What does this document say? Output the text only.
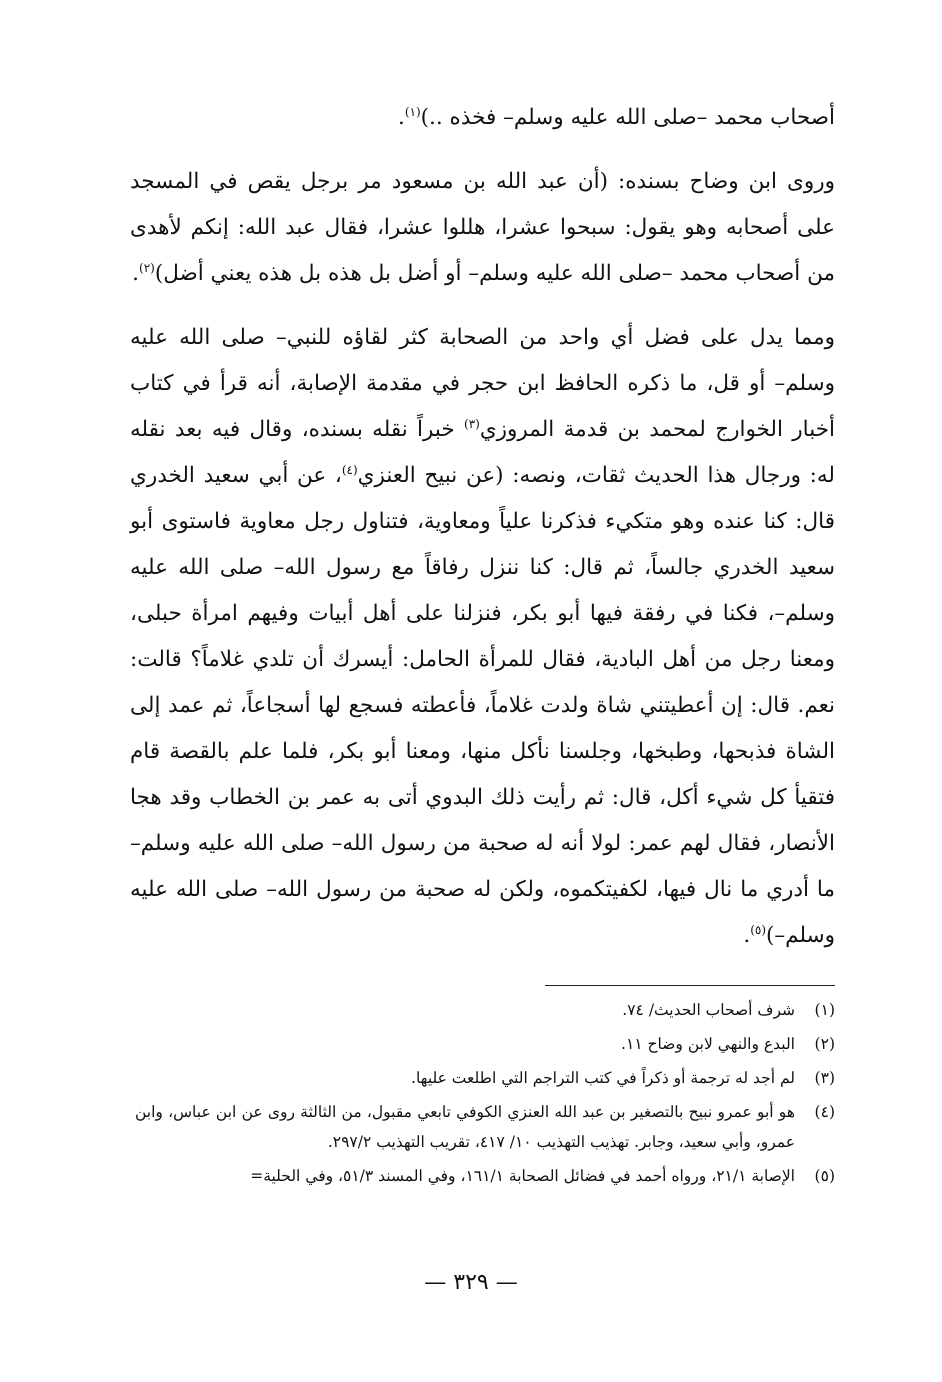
أصحاب محمد –صلى الله عليه وسلم– فخذه ..)$^{(١)}$.

وروى ابن وضاح بسنده: (أن عبد الله بن مسعود مر برجل يقص في المسجد على أصحابه وهو يقول: سبحوا عشرا، هللوا عشرا، فقال عبد الله: إنكم لأهدى من أصحاب محمد –صلى الله عليه وسلم– أو أضل بل هذه بل هذه يعني أضل)$^{(٢)}$.

ومما يدل على فضل أي واحد من الصحابة كثر لقاؤه للنبي– صلى الله عليه وسلم– أو قل، ما ذكره الحافظ ابن حجر في مقدمة الإصابة، أنه قرأ في كتاب أخبار الخوارج لمحمد بن قدمة المروزي$^{(٣)}$ خبراً نقله بسنده، وقال فيه بعد نقله له: ورجال هذا الحديث ثقات، ونصه: (عن نبيح العنزي$^{(٤)}$، عن أبي سعيد الخدري قال: كنا عنده وهو متكيء فذكرنا علياً ومعاوية، فتناول رجل معاوية فاستوى أبو سعيد الخدري جالساً، ثم قال: كنا ننزل رفاقاً مع رسول الله– صلى الله عليه وسلم–، فكنا في رفقة فيها أبو بكر، فنزلنا على أهل أبيات وفيهم امرأة حبلى، ومعنا رجل من أهل البادية، فقال للمرأة الحامل: أيسرك أن تلدي غلاماً؟ قالت: نعم. قال: إن أعطيتني شاة ولدت غلاماً، فأعطته فسجع لها أسجاعاً، ثم عمد إلى الشاة فذبحها، وطبخها، وجلسنا نأكل منها، ومعنا أبو بكر، فلما علم بالقصة قام فتقيأ كل شيء أكل، قال: ثم رأيت ذلك البدوي أتى به عمر بن الخطاب وقد هجا الأنصار، فقال لهم عمر: لولا أنه له صحبة من رسول الله– صلى الله عليه وسلم– ما أدري ما نال فيها، لكفيتكموه، ولكن له صحبة من رسول الله– صلى الله عليه وسلم–)$^{(٥)}$.

(١)
شرف أصحاب الحديث/ ٧٤.
(٢)
البدع والنهي لابن وضاح ١١.
(٣)
لم أجد له ترجمة أو ذكراً في كتب التراجم التي اطلعت عليها.
(٤)
هو أبو عمرو نبيح بالتصغير بن عبد الله العنزي الكوفي تابعي مقبول، من الثالثة روى عن ابن عباس، وابن عمرو، وأبي سعيد، وجابر. تهذيب التهذيب ١٠/ ٤١٧، تقريب التهذيب ٢٩٧/٢.
(٥)
الإصابة ٢١/١، ورواه أحمد في فضائل الصحابة ١٦١/١، وفي المسند ٥١/٣، وفي الحلية=
— ٣٢٩ —
